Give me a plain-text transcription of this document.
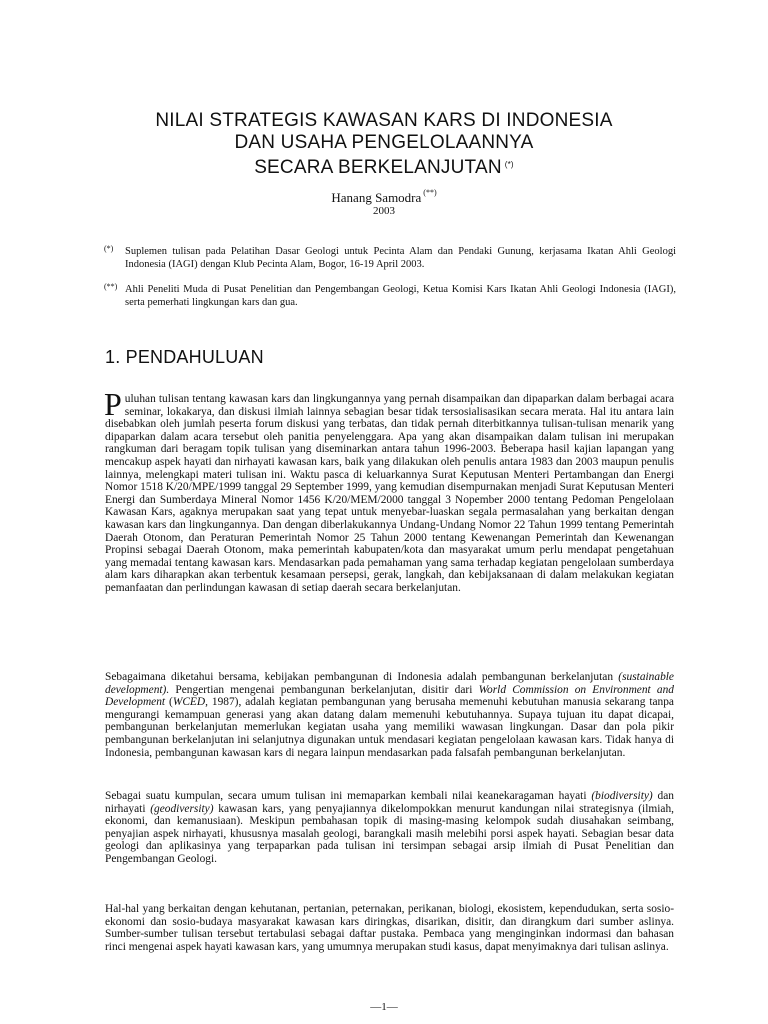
NILAI STRATEGIS KAWASAN KARS DI INDONESIA
DAN USAHA PENGELOLAANNYA
SECARA BERKELANJUTAN (*)
Hanang Samodra (**)
2003
(*) Suplemen tulisan pada Pelatihan Dasar Geologi untuk Pecinta Alam dan Pendaki Gunung, kerjasama Ikatan Ahli Geologi Indonesia (IAGI) dengan Klub Pecinta Alam, Bogor, 16-19 April 2003.
(**) Ahli Peneliti Muda di Pusat Penelitian dan Pengembangan Geologi, Ketua Komisi Kars Ikatan Ahli Geologi Indonesia (IAGI), serta pemerhati lingkungan kars dan gua.
1. PENDAHULUAN
Puluhan tulisan tentang kawasan kars dan lingkungannya yang pernah disampaikan dan dipaparkan dalam berbagai acara seminar, lokakarya, dan diskusi ilmiah lainnya sebagian besar tidak tersosialisasikan secara merata. Hal itu antara lain disebabkan oleh jumlah peserta forum diskusi yang terbatas, dan tidak pernah diterbitkannya tulisan-tulisan menarik yang dipaparkan dalam acara tersebut oleh panitia penyelenggara. Apa yang akan disampaikan dalam tulisan ini merupakan rangkuman dari beragam topik tulisan yang diseminarkan antara tahun 1996-2003. Beberapa hasil kajian lapangan yang mencakup aspek hayati dan nirhayati kawasan kars, baik yang dilakukan oleh penulis antara 1983 dan 2003 maupun penulis lainnya, melengkapi materi tulisan ini. Waktu pasca di keluarkannya Surat Keputusan Menteri Pertambangan dan Energi Nomor 1518 K/20/MPE/1999 tanggal 29 September 1999, yang kemudian disempurnakan menjadi Surat Keputusan Menteri Energi dan Sumberdaya Mineral Nomor 1456 K/20/MEM/2000 tanggal 3 Nopember 2000 tentang Pedoman Pengelolaan Kawasan Kars, agaknya merupakan saat yang tepat untuk menyebar-luaskan segala permasalahan yang berkaitan dengan kawasan kars dan lingkungannya. Dan dengan diberlakukannya Undang-Undang Nomor 22 Tahun 1999 tentang Pemerintah Daerah Otonom, dan Peraturan Pemerintah Nomor 25 Tahun 2000 tentang Kewenangan Pemerintah dan Kewenangan Propinsi sebagai Daerah Otonom, maka pemerintah kabupaten/kota dan masyarakat umum perlu mendapat pengetahuan yang memadai tentang kawasan kars. Mendasarkan pada pemahaman yang sama terhadap kegiatan pengelolaan sumberdaya alam kars diharapkan akan terbentuk kesamaan persepsi, gerak, langkah, dan kebijaksanaan di dalam melakukan kegiatan pemanfaatan dan perlindungan kawasan di setiap daerah secara berkelanjutan.
Sebagaimana diketahui bersama, kebijakan pembangunan di Indonesia adalah pembangunan berkelanjutan (sustainable development). Pengertian mengenai pembangunan berkelanjutan, disitir dari World Commission on Environment and Development (WCED, 1987), adalah kegiatan pembangunan yang berusaha memenuhi kebutuhan manusia sekarang tanpa mengurangi kemampuan generasi yang akan datang dalam memenuhi kebutuhannya. Supaya tujuan itu dapat dicapai, pembangunan berkelanjutan memerlukan kegiatan usaha yang memiliki wawasan lingkungan. Dasar dan pola pikir pembangunan berkelanjutan ini selanjutnya digunakan untuk mendasari kegiatan pengelolaan kawasan kars. Tidak hanya di Indonesia, pembangunan kawasan kars di negara lainpun mendasarkan pada falsafah pembangunan berkelanjutan.
Sebagai suatu kumpulan, secara umum tulisan ini memaparkan kembali nilai keanekaragaman hayati (biodiversity) dan nirhayati (geodiversity) kawasan kars, yang penyajiannya dikelompokkan menurut kandungan nilai strategisnya (ilmiah, ekonomi, dan kemanusiaan). Meskipun pembahasan topik di masing-masing kelompok sudah diusahakan seimbang, penyajian aspek nirhayati, khususnya masalah geologi, barangkali masih melebihi porsi aspek hayati. Sebagian besar data geologi dan aplikasinya yang terpaparkan pada tulisan ini tersimpan sebagai arsip ilmiah di Pusat Penelitian dan Pengembangan Geologi.
Hal-hal yang berkaitan dengan kehutanan, pertanian, peternakan, perikanan, biologi, ekosistem, kependudukan, serta sosio-ekonomi dan sosio-budaya masyarakat kawasan kars diringkas, disarikan, disitir, dan dirangkum dari sumber aslinya. Sumber-sumber tulisan tersebut tertabulasi sebagai daftar pustaka. Pembaca yang menginginkan indormasi dan bahasan rinci mengenai aspek hayati kawasan kars, yang umumnya merupakan studi kasus, dapat menyimaknya dari tulisan aslinya.
—1—
